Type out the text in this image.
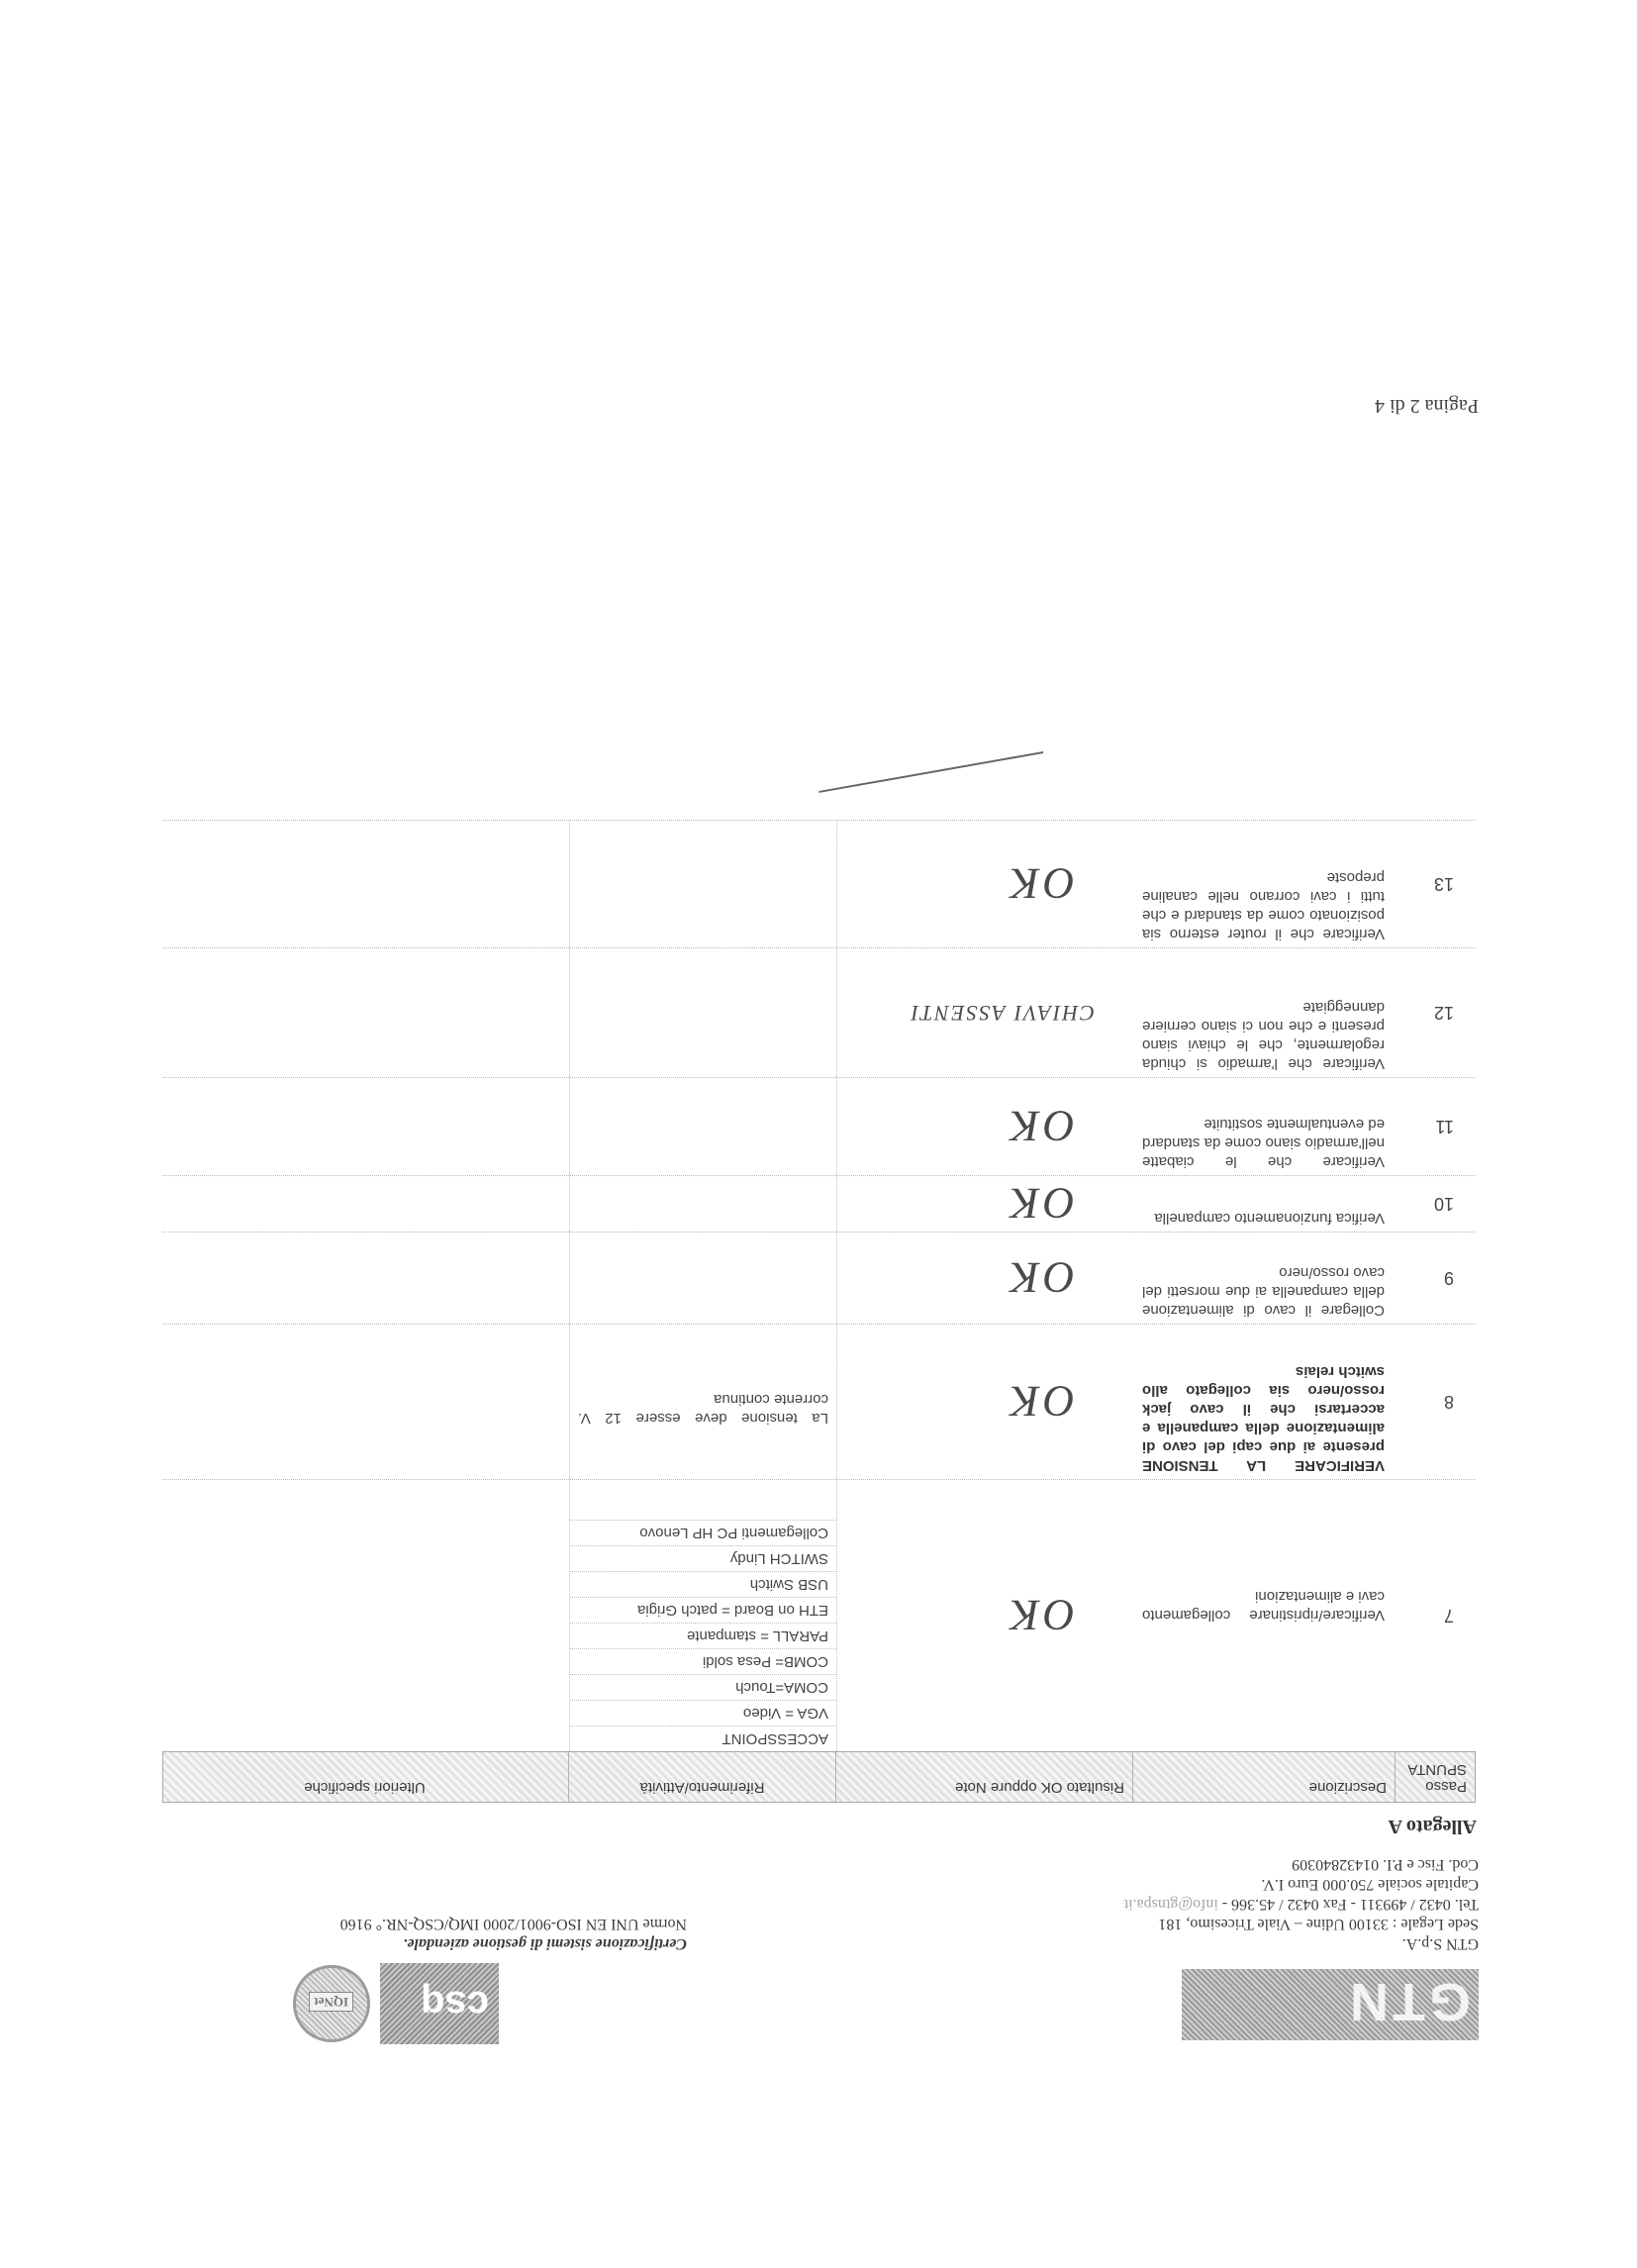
GTN
csq
IQNet
GTN S.p.A.
Sede Legale : 33100 Udine – Viale Tricesimo, 181
Tel. 0432 / 499311 - Fax 0432 / 45.366 - info@gtnspa.it
Capitale sociale 750.000 Euro I.V.
Cod. Fisc e P.I. 01432840309
Certificazione sistemi di gestione aziendale.
Norme UNI EN ISO-9001/2000 IMQ/CSQ-NR.° 9160
Allegato A
Passo SPUNTA
Descrizione
Risultato OK oppure Note
Riferimento/Attività
Ulteriori specifiche
7
Verificare/ripristinare collegamento cavi e alimentazioni
OK
ACCESSPOINT
VGA = Video
COMA=Touch
COMB= Pesa soldi
PARALL = stampante
ETH on Board = patch Grigia
USB Switch
SWITCH Lindy
Collegamenti PC HP Lenovo
8
VERIFICARE LA TENSIONE presente ai due capi del cavo di alimentazione della campanella e accertarsi che il cavo jack rosso/nero sia collegato allo switch relais
OK
La tensione deve essere 12 V. corrente continua
9
Collegare il cavo di alimentazione della campanella ai due morsetti del cavo rosso/nero
OK
10
Verifica funzionamento campanella
OK
11
Verificare che le ciabatte nell'armadio siano come da standard ed eventualmente sostituite
OK
12
Verificare che l'armadio si chiuda regolarmente, che le chiavi siano presenti e che non ci siano cerniere danneggiate
CHIAVI ASSENTI
13
Verificare che il router esterno sia posizionato come da standard e che tutti i cavi corrano nelle canaline preposte
OK
Pagina 2 di 4
